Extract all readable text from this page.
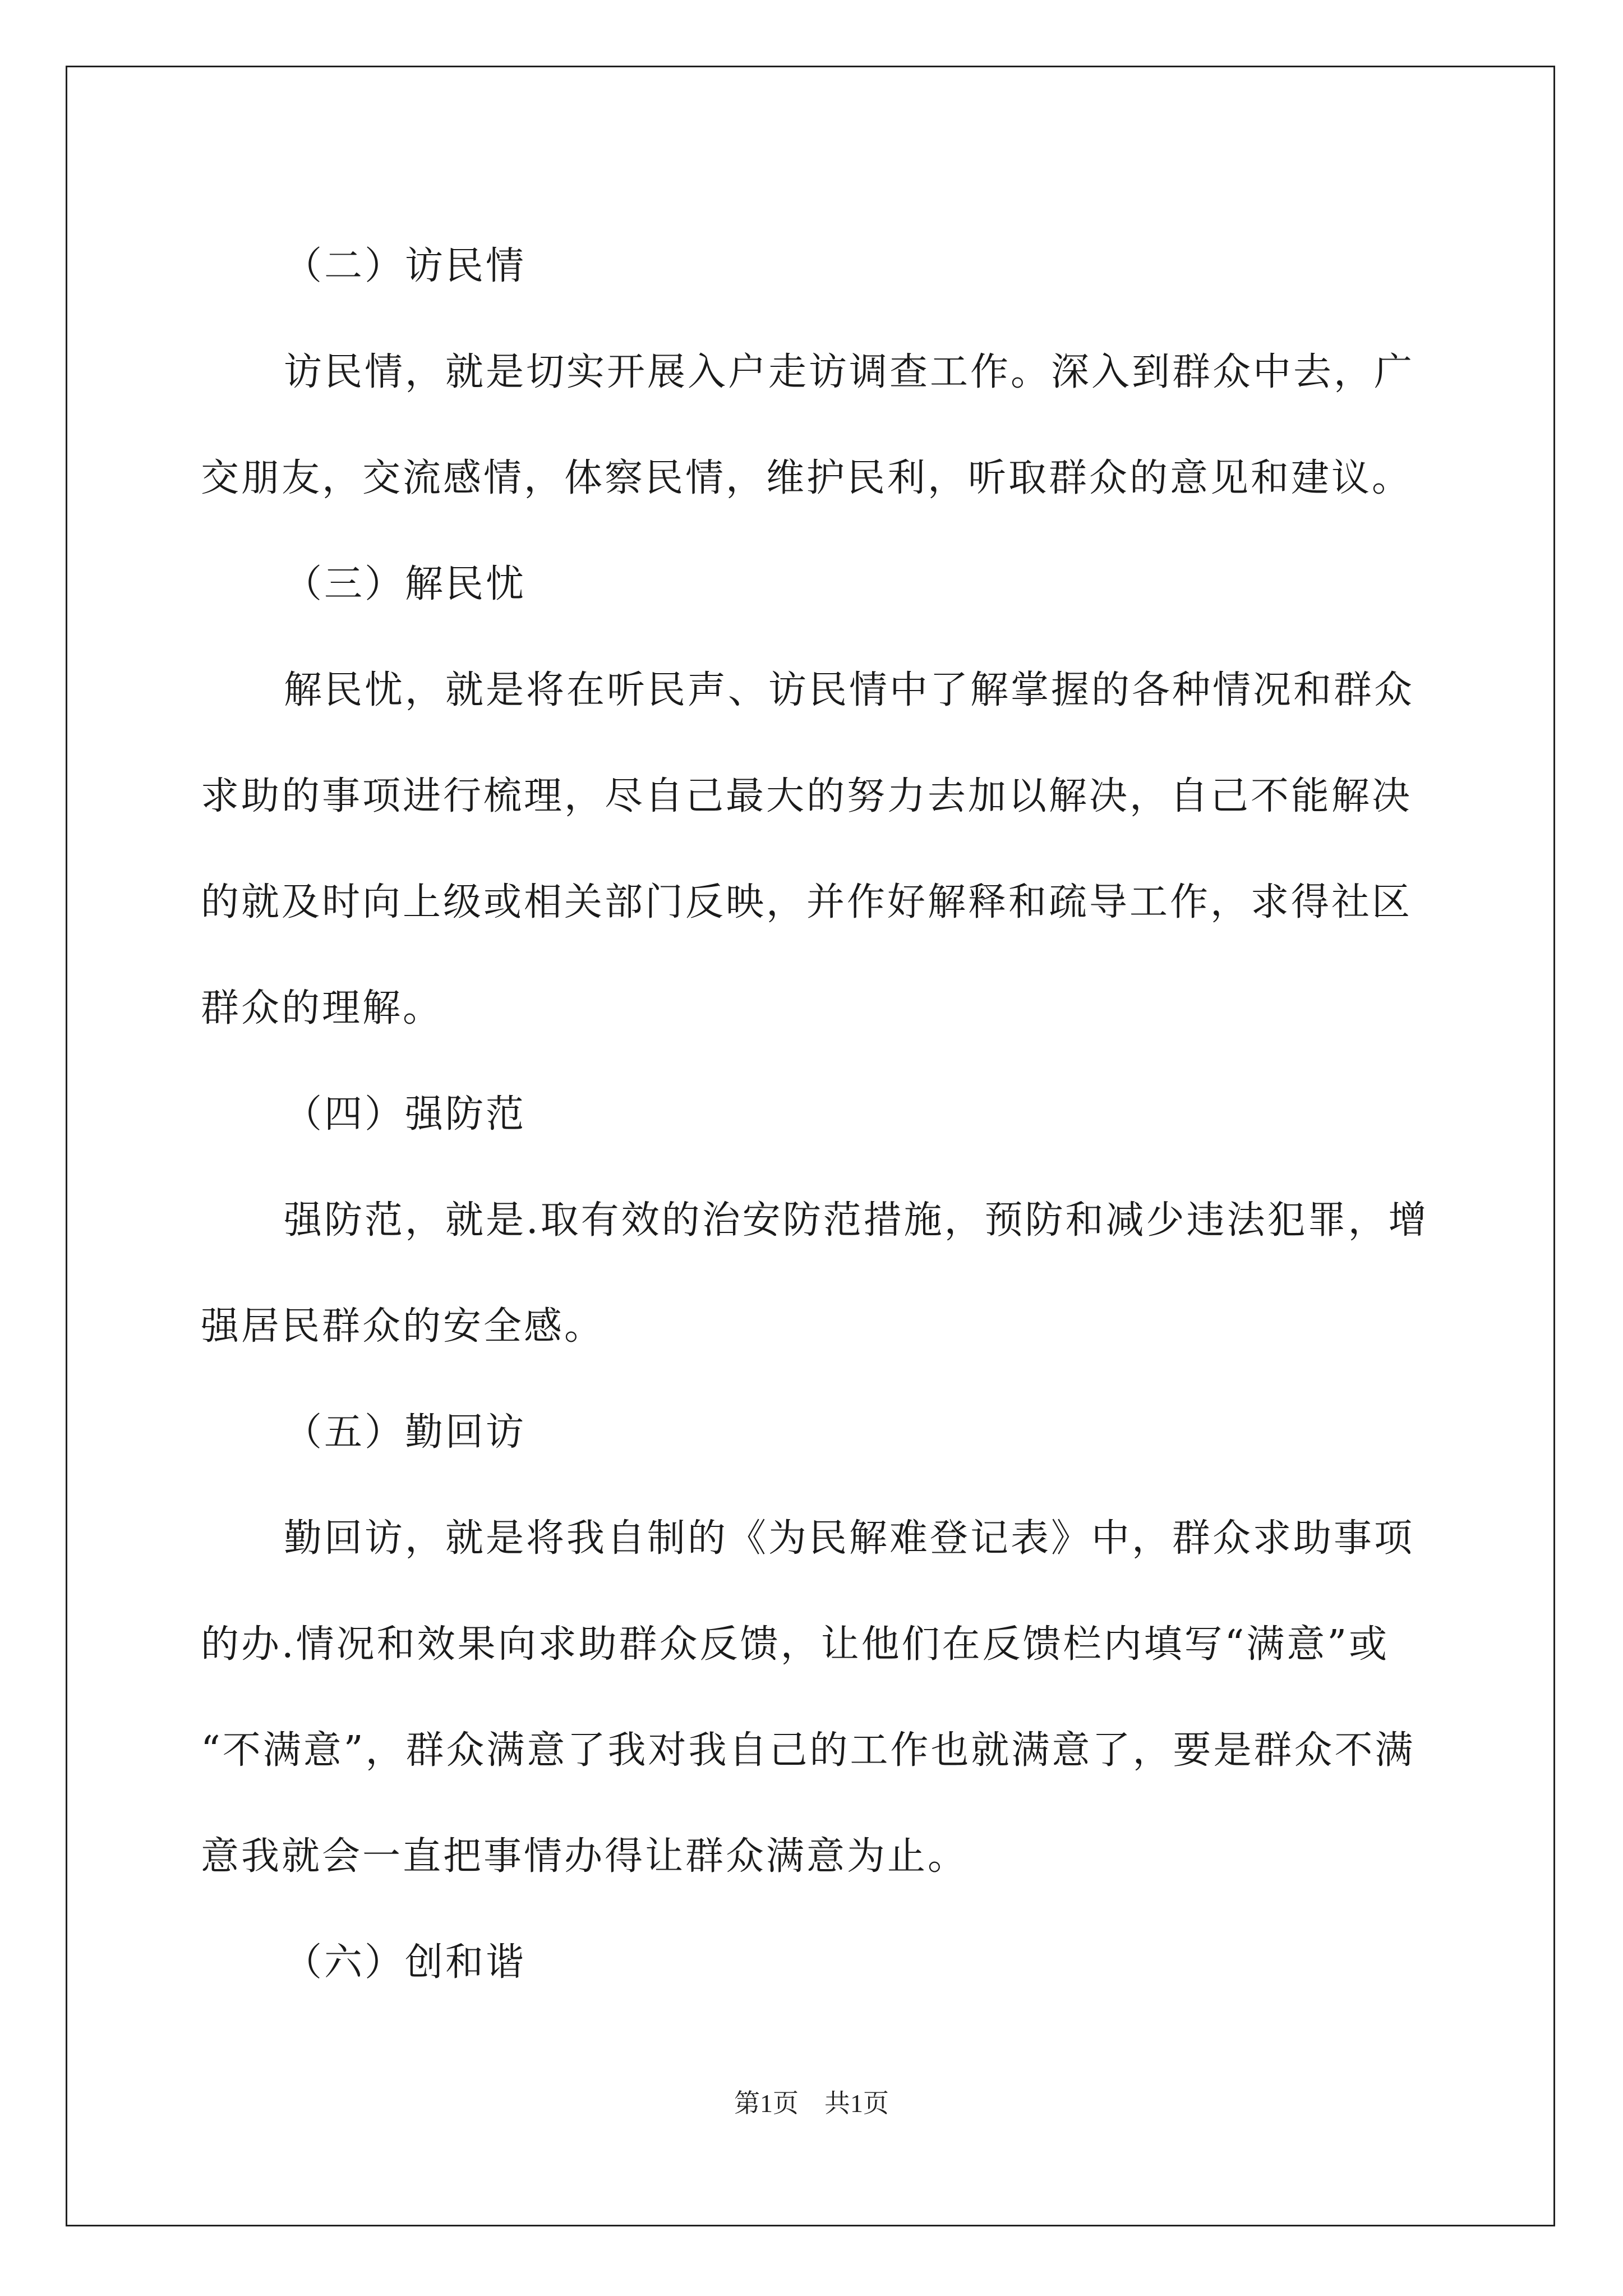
（二）访民情
访民情，就是切实开展入户走访调查工作。深入到群众中去，广
交朋友，交流感情，体察民情，维护民利，听取群众的意见和建议。
（三）解民忧
解民忧，就是将在听民声、访民情中了解掌握的各种情况和群众
求助的事项进行梳理，尽自己最大的努力去加以解决，自己不能解决
的就及时向上级或相关部门反映，并作好解释和疏导工作，求得社区
群众的理解。
（四）强防范
强防范，就是.取有效的治安防范措施，预防和减少违法犯罪，增
强居民群众的安全感。
（五）勤回访
勤回访，就是将我自制的《为民解难登记表》中，群众求助事项
的办.情况和效果向求助群众反馈，让他们在反馈栏内填写“满意”或
“不满意”，群众满意了我对我自己的工作也就满意了，要是群众不满
意我就会一直把事情办得让群众满意为止。
（六）创和谐
第1页 共1页
